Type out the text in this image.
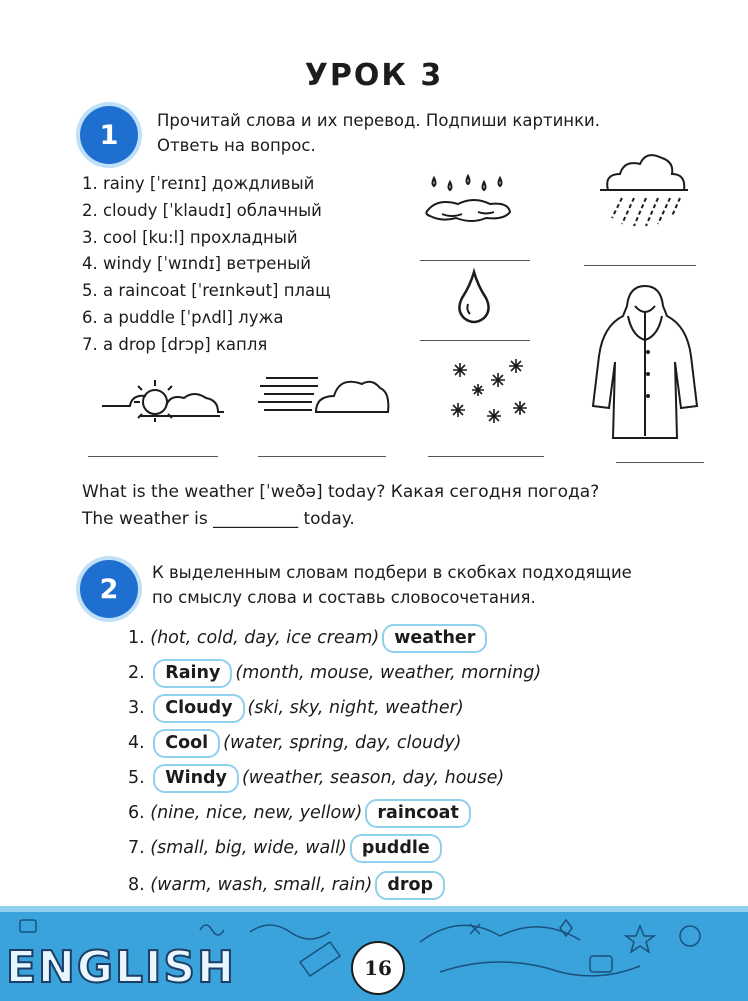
УРОК 3
1	Прочитай слова и их перевод. Подпиши картинки.
Ответь на вопрос.
1. rainy [ˈreɪnɪ] дождливый
2. cloudy [ˈklaudɪ] облачный
3. cool [ku:l] прохладный
4. windy [ˈwɪndɪ] ветреный
5. a raincoat [ˈreɪnkəut] плащ
6. a puddle [ˈpʌdl] лужа
7. a drop [drɔp] капля
What is the weather [ˈweðə] today? Какая сегодня погода?
The weather is __________ today.
2
К выделенным словам подбери в скобках подходящие
по смыслу слова и составь словосочетания.
1. (hot, cold, day, ice cream) weather
2. Rainy (month, mouse, weather, morning)
3. Cloudy (ski, sky, night, weather)
4. Cool (water, spring, day, cloudy)
5. Windy (weather, season, day, house)
6. (nine, nice, new, yellow) raincoat
7. (small, big, wide, wall) puddle
8. (warm, wash, small, rain) drop
ENGLISH	16
